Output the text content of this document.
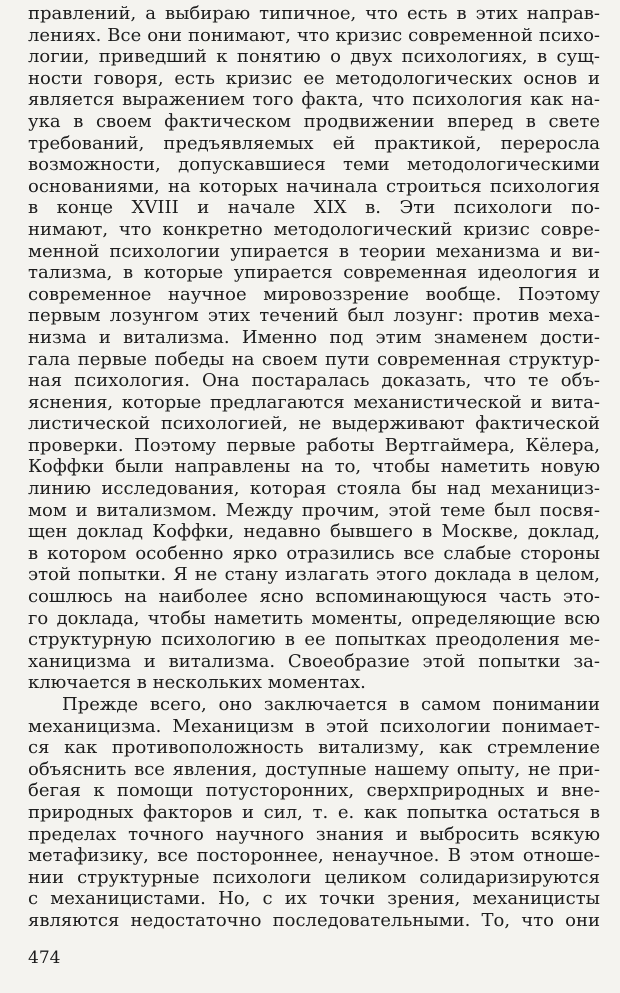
правлений, а выбираю типичное, что есть в этих направ-
лениях. Все они понимают, что кризис современной психо-
логии, приведший к понятию о двух психологиях, в сущ-
ности говоря, есть кризис ее методологических основ и
является выражением того факта, что психология как на-
ука в своем фактическом продвижении вперед в свете
требований, предъявляемых ей практикой, переросла
возможности, допускавшиеся теми методологическими
основаниями, на которых начинала строиться психология
в конце XVIII и начале XIX в. Эти психологи по-
нимают, что конкретно методологический кризис совре-
менной психологии упирается в теории механизма и ви-
тализма, в которые упирается современная идеология и
современное научное мировоззрение вообще. Поэтому
первым лозунгом этих течений был лозунг: против меха-
низма и витализма. Именно под этим знаменем дости-
гала первые победы на своем пути современная структур-
ная психология. Она постаралась доказать, что те объ-
яснения, которые предлагаются механистической и вита-
листической психологией, не выдерживают фактической
проверки. Поэтому первые работы Вертгаймера, Кёлера,
Коффки были направлены на то, чтобы наметить новую
линию исследования, которая стояла бы над механициз-
мом и витализмом. Между прочим, этой теме был посвя-
щен доклад Коффки, недавно бывшего в Москве, доклад,
в котором особенно ярко отразились все слабые стороны
этой попытки. Я не стану излагать этого доклада в целом,
сошлюсь на наиболее ясно вспоминающуюся часть это-
го доклада, чтобы наметить моменты, определяющие всю
структурную психологию в ее попытках преодоления ме-
ханицизма и витализма. Своеобразие этой попытки за-
ключается в нескольких моментах.
Прежде всего, оно заключается в самом понимании
механицизма. Механицизм в этой психологии понимает-
ся как противоположность витализму, как стремление
объяснить все явления, доступные нашему опыту, не при-
бегая к помощи потусторонних, сверхприродных и вне-
природных факторов и сил, т. е. как попытка остаться в
пределах точного научного знания и выбросить всякую
метафизику, все постороннее, ненаучное. В этом отноше-
нии структурные психологи целиком солидаризируются
с механицистами. Но, с их точки зрения, механицисты
являются недостаточно последовательными. То, что они
474
